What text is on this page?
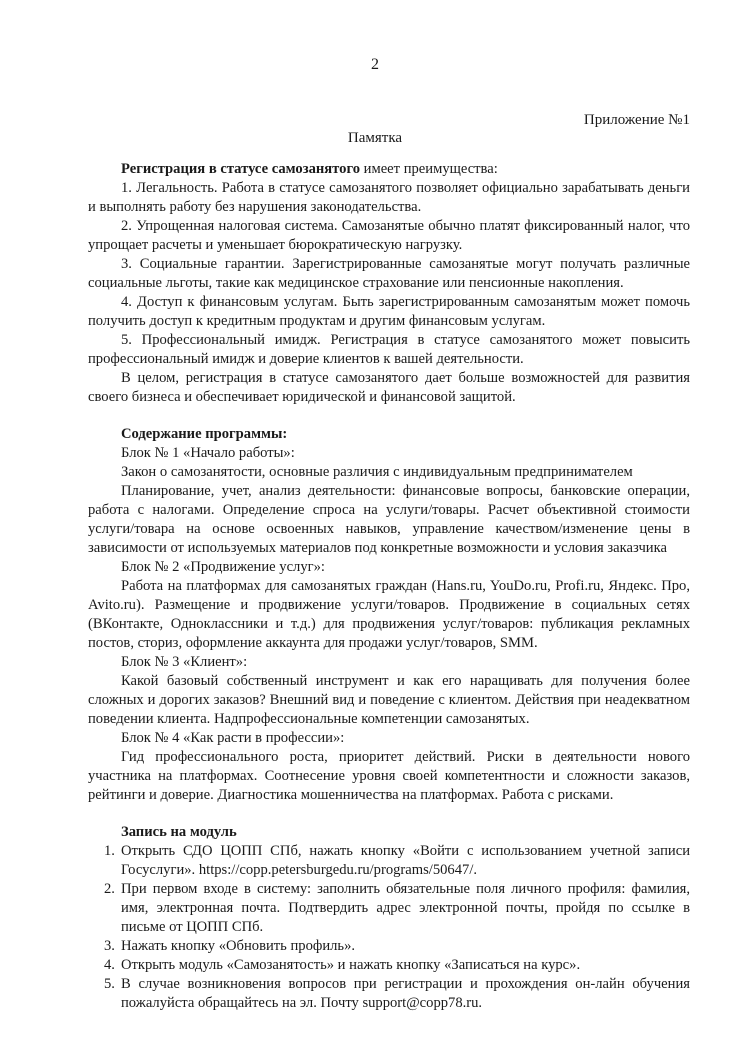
2
Приложение №1
Памятка

Регистрация в статусе самозанятого имеет преимущества:

1. Легальность. Работа в статусе самозанятого позволяет официально зарабатывать деньги и выполнять работу без нарушения законодательства.

2. Упрощенная налоговая система. Самозанятые обычно платят фиксированный налог, что упрощает расчеты и уменьшает бюрократическую нагрузку.

3. Социальные гарантии. Зарегистрированные самозанятые могут получать различные социальные льготы, такие как медицинское страхование или пенсионные накопления.

4. Доступ к финансовым услугам. Быть зарегистрированным самозанятым может помочь получить доступ к кредитным продуктам и другим финансовым услугам.

5. Профессиональный имидж. Регистрация в статусе самозанятого может повысить профессиональный имидж и доверие клиентов к вашей деятельности.

В целом, регистрация в статусе самозанятого дает больше возможностей для развития своего бизнеса и обеспечивает юридической и финансовой защитой.

Содержание программы:

Блок № 1 «Начало работы»:

Закон о самозанятости, основные различия с индивидуальным предпринимателем

Планирование, учет, анализ деятельности: финансовые вопросы, банковские операции, работа с налогами. Определение спроса на услуги/товары. Расчет объективной стоимости услуги/товара на основе освоенных навыков, управление качеством/изменение цены в зависимости от используемых материалов под конкретные возможности и условия заказчика

Блок № 2 «Продвижение услуг»:

Работа на платформах для самозанятых граждан (Hans.ru, YouDo.ru, Profi.ru, Яндекс. Про, Avito.ru). Размещение и продвижение услуги/товаров. Продвижение в социальных сетях (ВКонтакте, Одноклассники и т.д.) для продвижения услуг/товаров: публикация рекламных постов, сториз, оформление аккаунта для продажи услуг/товаров, SMM.

Блок № 3 «Клиент»:

Какой базовый собственный инструмент и как его наращивать для получения более сложных и дорогих заказов? Внешний вид и поведение с клиентом. Действия при неадекватном поведении клиента. Надпрофессиональные компетенции самозанятых.

Блок № 4 «Как расти в профессии»:

Гид профессионального роста, приоритет действий. Риски в деятельности нового участника на платформах. Соотнесение уровня своей компетентности и сложности заказов, рейтинги и доверие. Диагностика мошенничества на платформах. Работа с рисками.

Запись на модуль

1. Открыть СДО ЦОПП СПб, нажать кнопку «Войти с использованием учетной записи Госуслуги». https://copp.petersburgedu.ru/programs/50647/.
2. При первом входе в систему: заполнить обязательные поля личного профиля: фамилия, имя, электронная почта. Подтвердить адрес электронной почты, пройдя по ссылке в письме от ЦОПП СПб.
3. Нажать кнопку «Обновить профиль».
4. Открыть модуль «Самозанятость» и нажать кнопку «Записаться на курс».
5. В случае возникновения вопросов при регистрации и прохождения он-лайн обучения пожалуйста обращайтесь на эл. Почту support@copp78.ru.
